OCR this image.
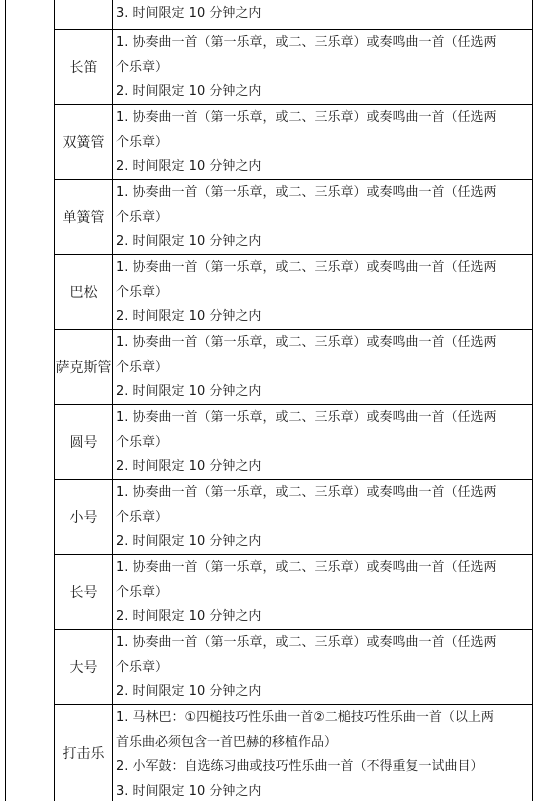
3. 时间限定 10 分钟之内
长笛
1. 协奏曲一首（第一乐章，或二、三乐章）或奏鸣曲一首（任选两
个乐章）
2. 时间限定 10 分钟之内
双簧管
1. 协奏曲一首（第一乐章，或二、三乐章）或奏鸣曲一首（任选两
个乐章）
2. 时间限定 10 分钟之内
单簧管
1. 协奏曲一首（第一乐章，或二、三乐章）或奏鸣曲一首（任选两
个乐章）
2. 时间限定 10 分钟之内
巴松
1. 协奏曲一首（第一乐章，或二、三乐章）或奏鸣曲一首（任选两
个乐章）
2. 时间限定 10 分钟之内
萨克斯管
1. 协奏曲一首（第一乐章，或二、三乐章）或奏鸣曲一首（任选两
个乐章）
2. 时间限定 10 分钟之内
圆号
1. 协奏曲一首（第一乐章，或二、三乐章）或奏鸣曲一首（任选两
个乐章）
2. 时间限定 10 分钟之内
小号
1. 协奏曲一首（第一乐章，或二、三乐章）或奏鸣曲一首（任选两
个乐章）
2. 时间限定 10 分钟之内
长号
1. 协奏曲一首（第一乐章，或二、三乐章）或奏鸣曲一首（任选两
个乐章）
2. 时间限定 10 分钟之内
大号
1. 协奏曲一首（第一乐章，或二、三乐章）或奏鸣曲一首（任选两
个乐章）
2. 时间限定 10 分钟之内
打击乐
1. 马林巴：①四槌技巧性乐曲一首②二槌技巧性乐曲一首（以上两
首乐曲必须包含一首巴赫的移植作品）
2. 小军鼓：自选练习曲或技巧性乐曲一首（不得重复一试曲目）
3. 时间限定 10 分钟之内
